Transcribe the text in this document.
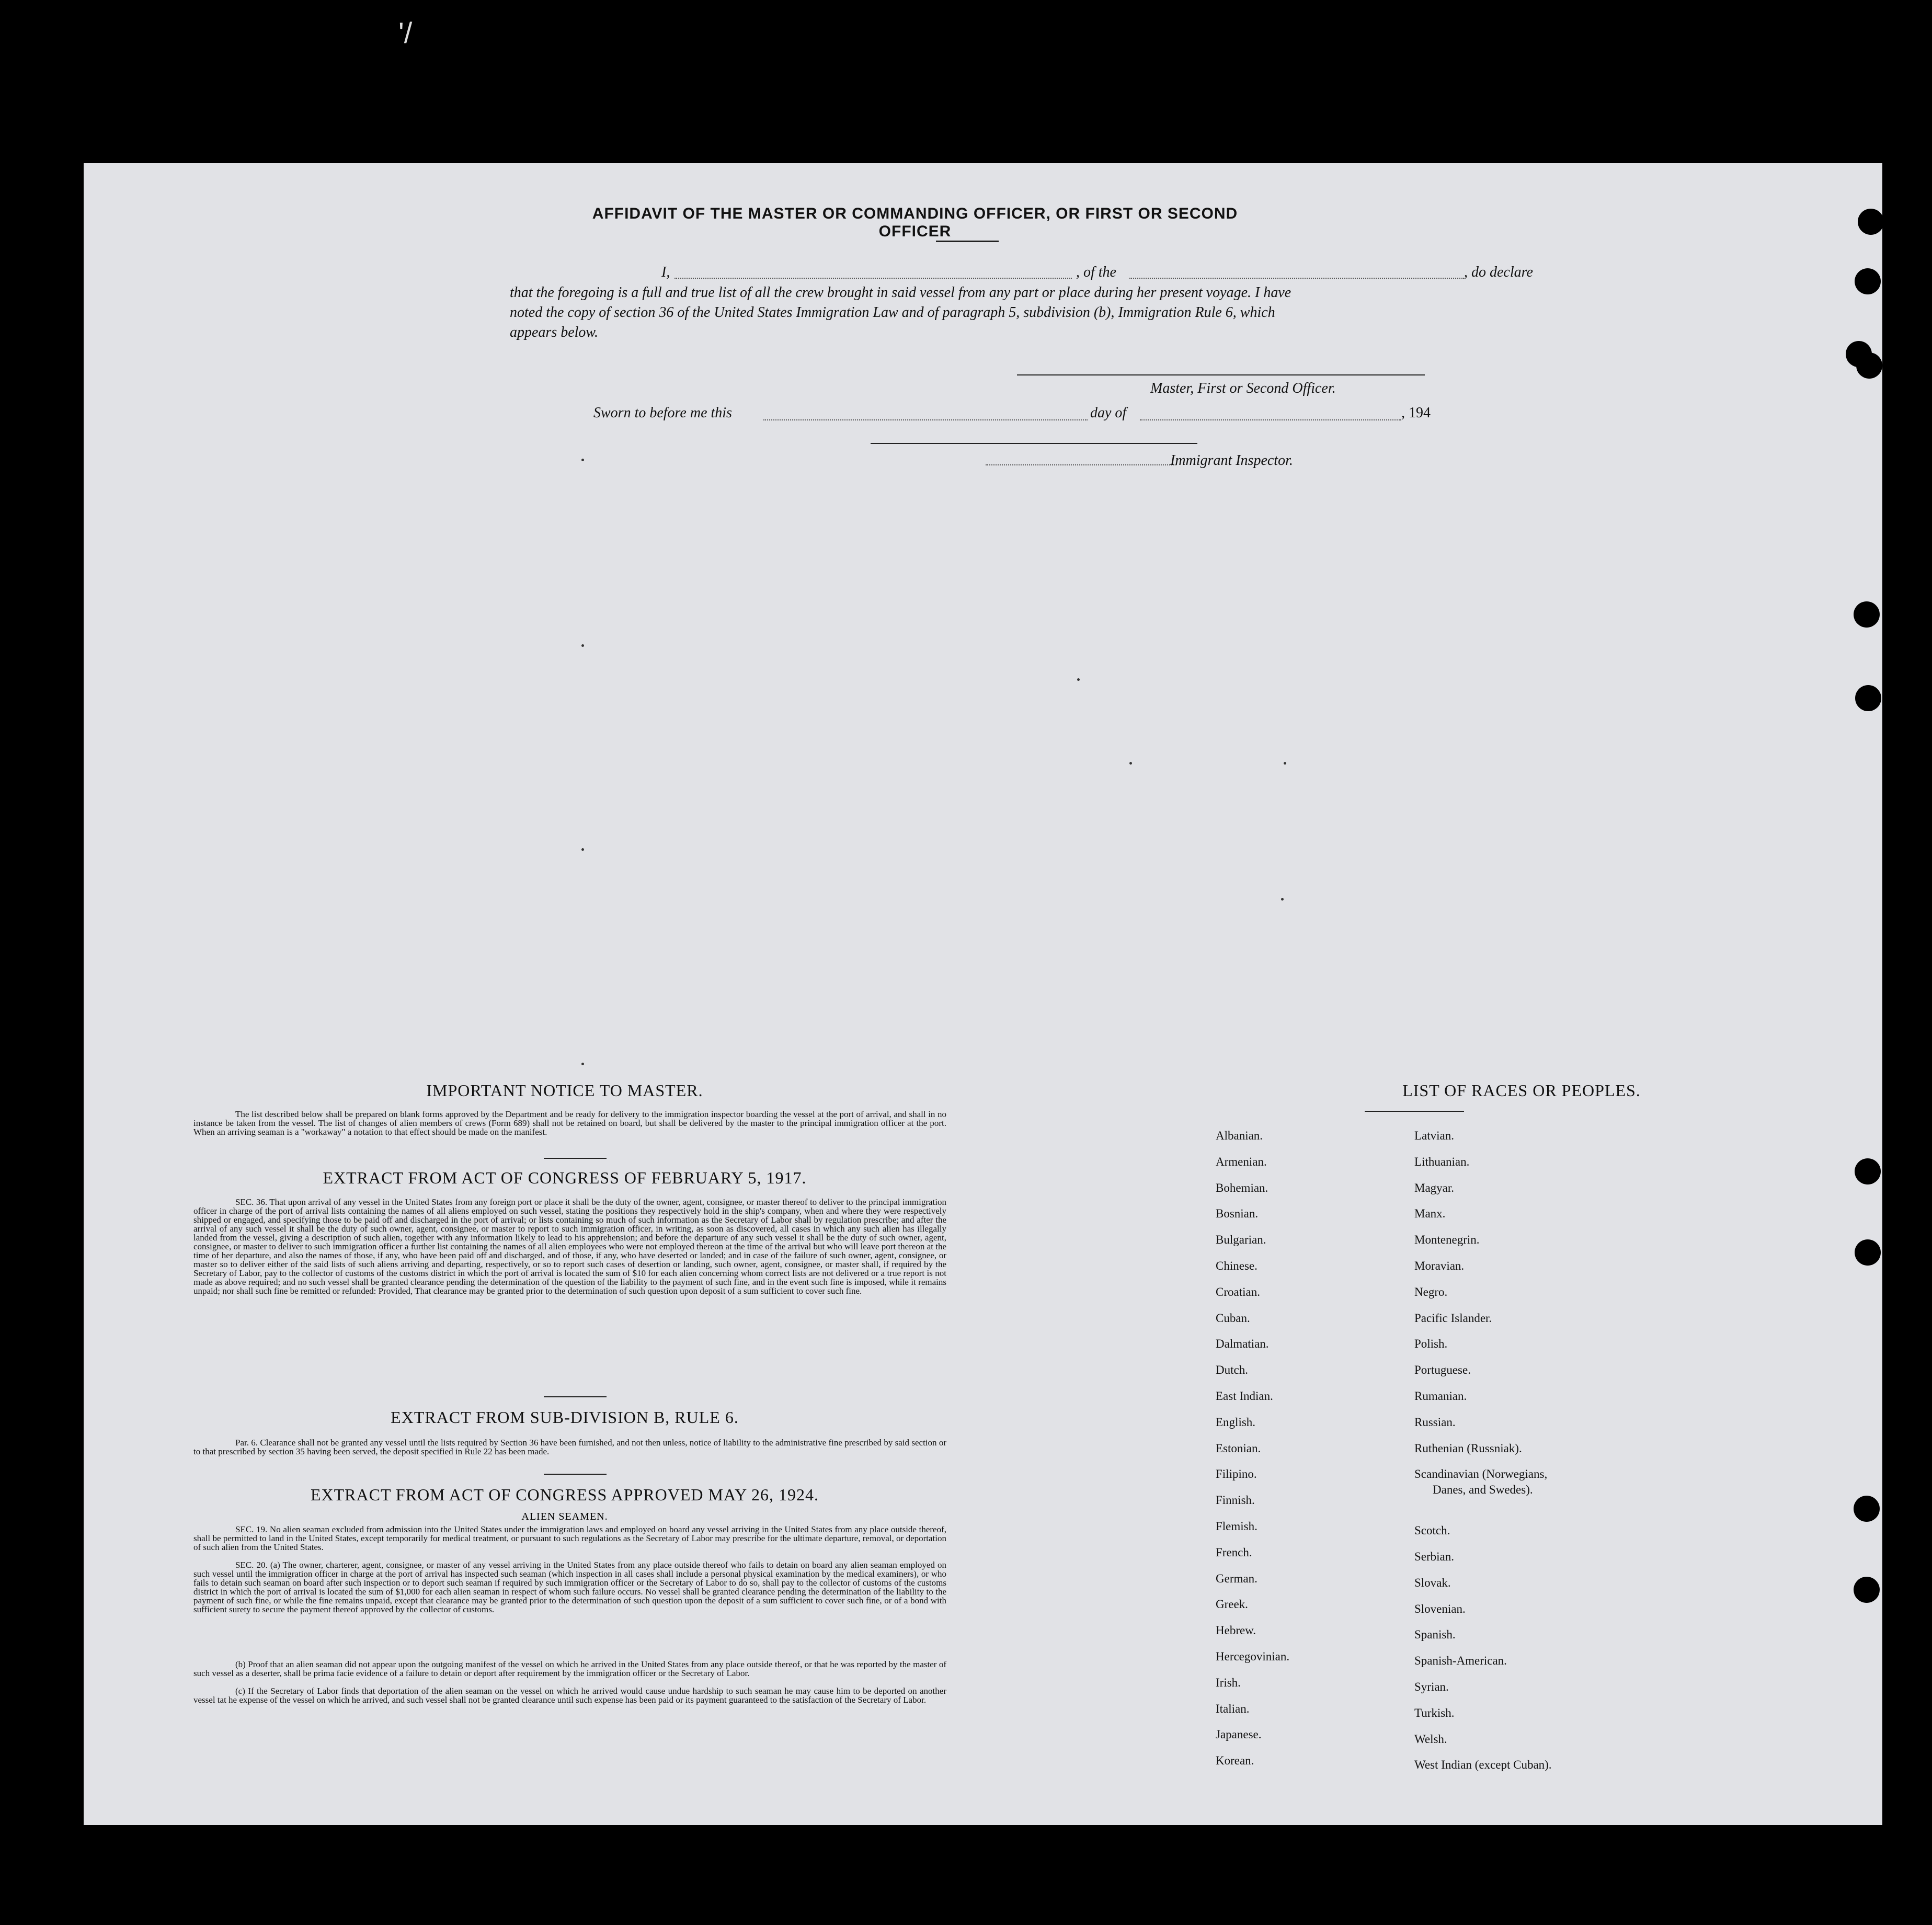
'/
AFFIDAVIT OF THE MASTER OR COMMANDING OFFICER, OR FIRST OR SECOND OFFICER
I,	, of the	, do declare
that the foregoing is a full and true list of all the crew brought in said vessel from any part or place during her present voyage. I have
noted the copy of section 36 of the United States Immigration Law and of paragraph 5, subdivision (b), Immigration Rule 6, which
appears below.
Master, First or Second Officer.
Sworn to before me this	day of	, 194
Immigrant Inspector.
IMPORTANT NOTICE TO MASTER.
The list described below shall be prepared on blank forms approved by the Department and be ready for delivery to the immigration inspector boarding the vessel at the port of arrival, and shall in no instance be taken from the vessel. The list of changes of alien members of crews (Form 689) shall not be retained on board, but shall be delivered by the master to the principal immigration officer at the port. When an arriving seaman is a "workaway" a notation to that effect should be made on the manifest.
EXTRACT FROM ACT OF CONGRESS OF FEBRUARY 5, 1917.
SEC. 36. That upon arrival of any vessel in the United States from any foreign port or place it shall be the duty of the owner, agent, consignee, or master thereof to deliver to the principal immigration officer in charge of the port of arrival lists containing the names of all aliens employed on such vessel, stating the positions they respectively hold in the ship's company, when and where they were respectively shipped or engaged, and specifying those to be paid off and discharged in the port of arrival; or lists containing so much of such information as the Secretary of Labor shall by regulation prescribe; and after the arrival of any such vessel it shall be the duty of such owner, agent, consignee, or master to report to such immigration officer, in writing, as soon as discovered, all cases in which any such alien has illegally landed from the vessel, giving a description of such alien, together with any information likely to lead to his apprehension; and before the departure of any such vessel it shall be the duty of such owner, agent, consignee, or master to deliver to such immigration officer a further list containing the names of all alien employees who were not employed thereon at the time of the arrival but who will leave port thereon at the time of her departure, and also the names of those, if any, who have been paid off and discharged, and of those, if any, who have deserted or landed; and in case of the failure of such owner, agent, consignee, or master so to deliver either of the said lists of such aliens arriving and departing, respectively, or so to report such cases of desertion or landing, such owner, agent, consignee, or master shall, if required by the Secretary of Labor, pay to the collector of customs of the customs district in which the port of arrival is located the sum of $10 for each alien concerning whom correct lists are not delivered or a true report is not made as above required; and no such vessel shall be granted clearance pending the determination of the question of the liability to the payment of such fine, and in the event such fine is imposed, while it remains unpaid; nor shall such fine be remitted or refunded: Provided, That clearance may be granted prior to the determination of such question upon deposit of a sum sufficient to cover such fine.
EXTRACT FROM SUB-DIVISION B, RULE 6.
Par. 6. Clearance shall not be granted any vessel until the lists required by Section 36 have been furnished, and not then unless, notice of liability to the administrative fine prescribed by said section or to that prescribed by section 35 having been served, the deposit specified in Rule 22 has been made.
EXTRACT FROM ACT OF CONGRESS APPROVED MAY 26, 1924.
ALIEN SEAMEN.
SEC. 19. No alien seaman excluded from admission into the United States under the immigration laws and employed on board any vessel arriving in the United States from any place outside thereof, shall be permitted to land in the United States, except temporarily for medical treatment, or pursuant to such regulations as the Secretary of Labor may prescribe for the ultimate departure, removal, or deportation of such alien from the United States.
SEC. 20. (a) The owner, charterer, agent, consignee, or master of any vessel arriving in the United States from any place outside thereof who fails to detain on board any alien seaman employed on such vessel until the immigration officer in charge at the port of arrival has inspected such seaman (which inspection in all cases shall include a personal physical examination by the medical examiners), or who fails to detain such seaman on board after such inspection or to deport such seaman if required by such immigration officer or the Secretary of Labor to do so, shall pay to the collector of customs of the customs district in which the port of arrival is located the sum of $1,000 for each alien seaman in respect of whom such failure occurs. No vessel shall be granted clearance pending the determination of the liability to the payment of such fine, or while the fine remains unpaid, except that clearance may be granted prior to the determination of such question upon the deposit of a sum sufficient to cover such fine, or of a bond with sufficient surety to secure the payment thereof approved by the collector of customs.
(b) Proof that an alien seaman did not appear upon the outgoing manifest of the vessel on which he arrived in the United States from any place outside thereof, or that he was reported by the master of such vessel as a deserter, shall be prima facie evidence of a failure to detain or deport after requirement by the immigration officer or the Secretary of Labor.
(c) If the Secretary of Labor finds that deportation of the alien seaman on the vessel on which he arrived would cause undue hardship to such seaman he may cause him to be deported on another vessel tat he expense of the vessel on which he arrived, and such vessel shall not be granted clearance until such expense has been paid or its payment guaranteed to the satisfaction of the Secretary of Labor.
LIST OF RACES OR PEOPLES.
Albanian.
Armenian.
Bohemian.
Bosnian.
Bulgarian.
Chinese.
Croatian.
Cuban.
Dalmatian.
Dutch.
East Indian.
English.
Estonian.
Filipino.
Finnish.
Flemish.
French.
German.
Greek.
Hebrew.
Hercegovinian.
Irish.
Italian.
Japanese.
Korean.
Latvian.
Lithuanian.
Magyar.
Manx.
Montenegrin.
Moravian.
Negro.
Pacific Islander.
Polish.
Portuguese.
Rumanian.
Russian.
Ruthenian (Russniak).
Scandinavian (Norwegians,
Danes, and Swedes).
Scotch.
Serbian.
Slovak.
Slovenian.
Spanish.
Spanish-American.
Syrian.
Turkish.
Welsh.
West Indian (except Cuban).
